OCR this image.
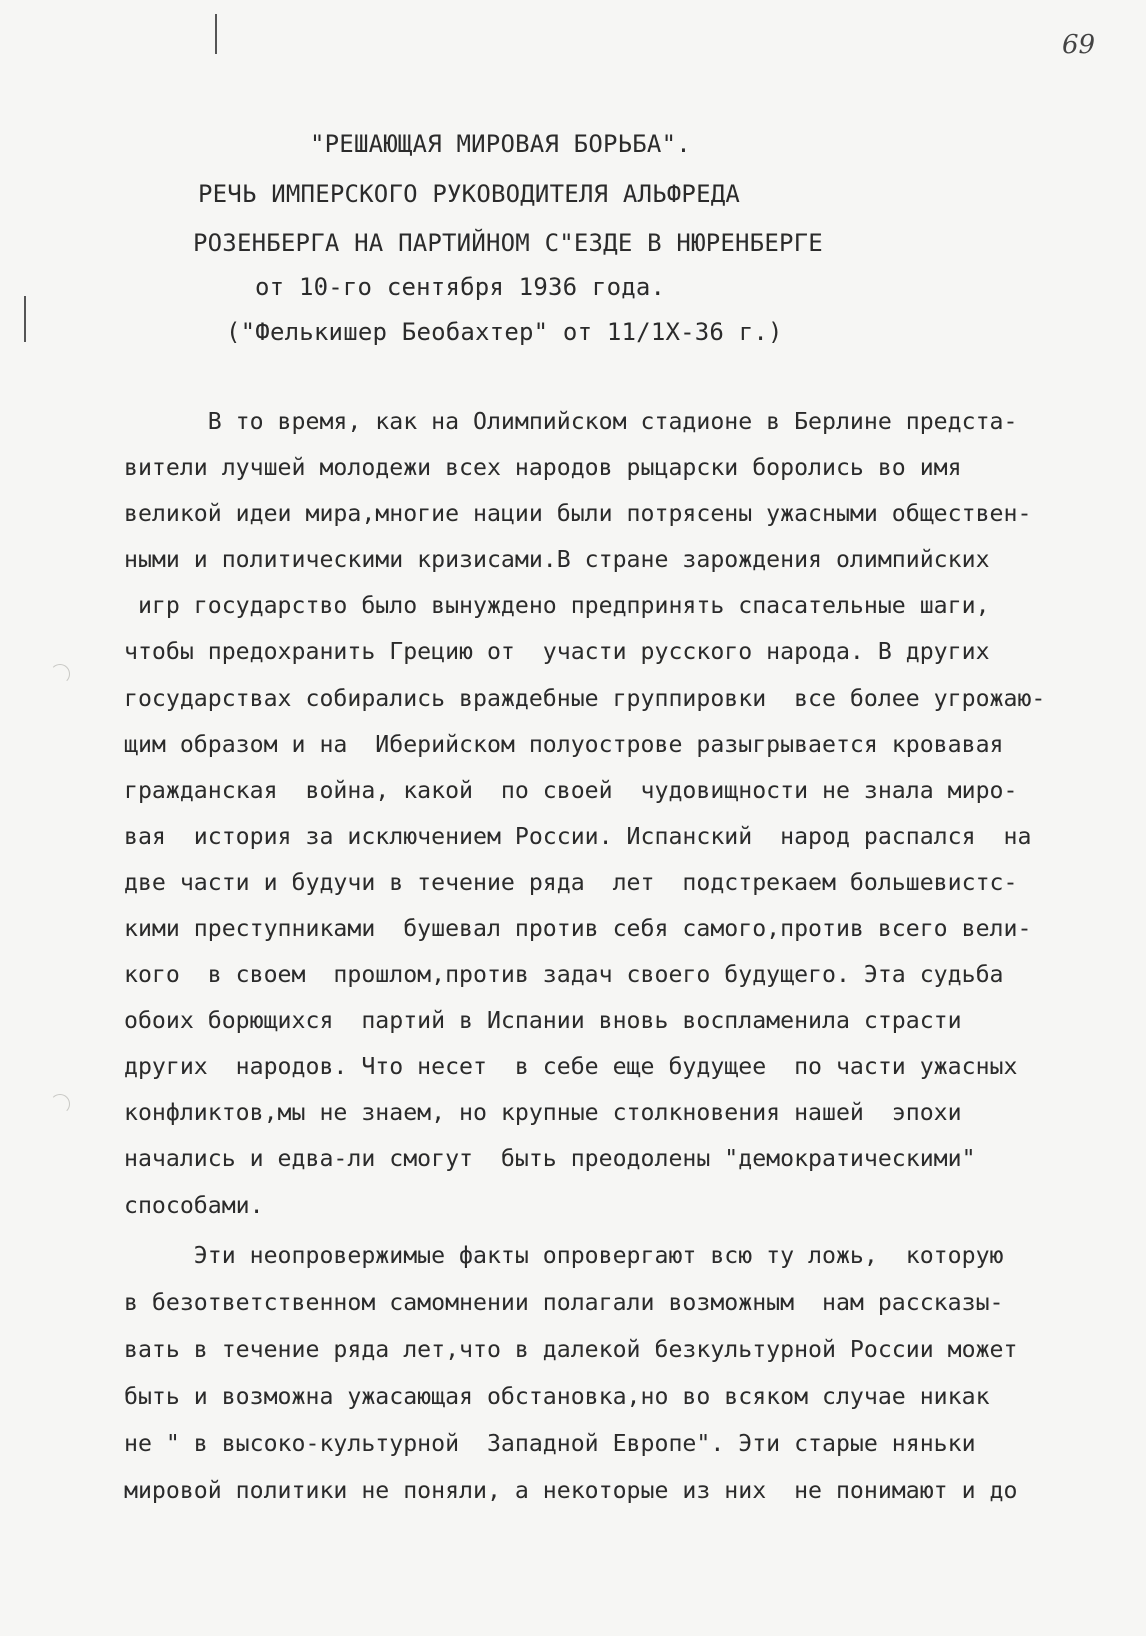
69
"РЕШАЮЩАЯ МИРОВАЯ БОРЬБА".
РЕЧЬ ИМПЕРСКОГО РУКОВОДИТЕЛЯ АЛЬФРЕДА
РОЗЕНБЕРГА НА ПАРТИЙНОМ С"ЕЗДЕ В НЮРЕНБЕРГЕ
от 10-го сентября 1936 года.
("Фелькишер Беобахтер" от 11/1Х-36 г.)
В то время, как на Олимпийском стадионе в Берлине предста-
вители лучшей молодежи всех народов рыцарски боролись во имя
великой идеи мира,многие нации были потрясены ужасными обществен-
ными и политическими кризисами.В стране зарождения олимпийских
игр государство было вынуждено предпринять спасательные шаги,
чтобы предохранить Грецию от  участи русского народа. В других
государствах собирались враждебные группировки  все более угрожаю-
щим образом и на  Иберийском полуострове разыгрывается кровавая
гражданская  война, какой  по своей  чудовищности не знала миро-
вая  история за исключением России. Испанский  народ распался  на
две части и будучи в течение ряда  лет  подстрекаем большевистс-
кими преступниками  бушевал против себя самого,против всего вели-
кого  в своем  прошлом,против задач своего будущего. Эта судьба
обоих борющихся  партий в Испании вновь воспламенила страсти
других  народов. Что несет  в себе еще будущее  по части ужасных
конфликтов,мы не знаем, но крупные столкновения нашей  эпохи
начались и едва-ли смогут  быть преодолены "демократическими"
способами.
Эти неопровержимые факты опровергают всю ту ложь,  которую
в безответственном самомнении полагали возможным  нам рассказы-
вать в течение ряда лет,что в далекой безкультурной России может
быть и возможна ужасающая обстановка,но во всяком случае никак
не " в высоко-культурной  Западной Европе". Эти старые няньки
мировой политики не поняли, а некоторые из них  не понимают и до
